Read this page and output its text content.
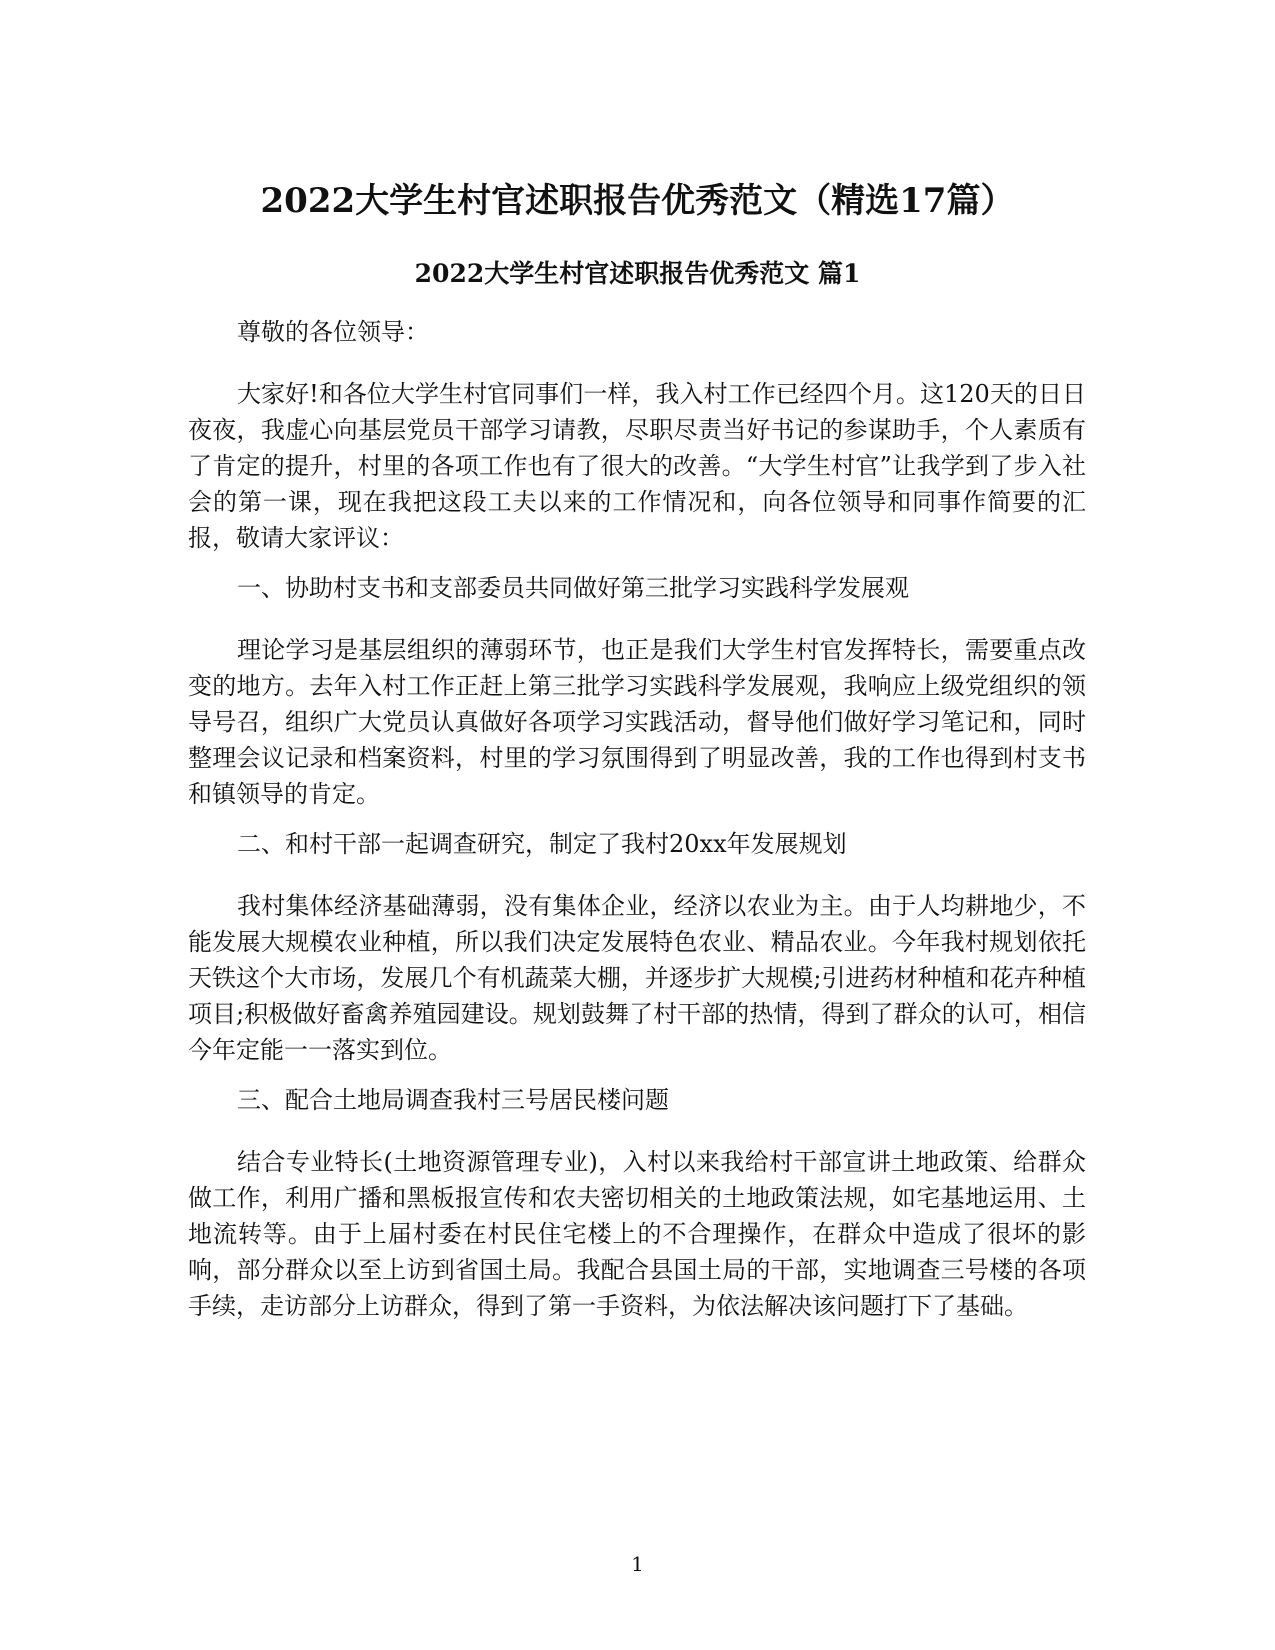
2022大学生村官述职报告优秀范文（精选17篇）
2022大学生村官述职报告优秀范文 篇1

尊敬的各位领导：

大家好!和各位大学生村官同事们一样，我入村工作已经四个月。这120天的日日夜夜，我虚心向基层党员干部学习请教，尽职尽责当好书记的参谋助手，个人素质有了肯定的提升，村里的各项工作也有了很大的改善。“大学生村官”让我学到了步入社会的第一课，现在我把这段工夫以来的工作情况和，向各位领导和同事作简要的汇报，敬请大家评议：

一、协助村支书和支部委员共同做好第三批学习实践科学发展观

理论学习是基层组织的薄弱环节，也正是我们大学生村官发挥特长，需要重点改变的地方。去年入村工作正赶上第三批学习实践科学发展观，我响应上级党组织的领导号召，组织广大党员认真做好各项学习实践活动，督导他们做好学习笔记和，同时整理会议记录和档案资料，村里的学习氛围得到了明显改善，我的工作也得到村支书和镇领导的肯定。

二、和村干部一起调查研究，制定了我村20xx年发展规划

我村集体经济基础薄弱，没有集体企业，经济以农业为主。由于人均耕地少，不能发展大规模农业种植，所以我们决定发展特色农业、精品农业。今年我村规划依托天铁这个大市场，发展几个有机蔬菜大棚，并逐步扩大规模;引进药材种植和花卉种植项目;积极做好畜禽养殖园建设。规划鼓舞了村干部的热情，得到了群众的认可，相信今年定能一一落实到位。

三、配合土地局调查我村三号居民楼问题

结合专业特长(土地资源管理专业)，入村以来我给村干部宣讲土地政策、给群众做工作，利用广播和黑板报宣传和农夫密切相关的土地政策法规，如宅基地运用、土地流转等。由于上届村委在村民住宅楼上的不合理操作，在群众中造成了很坏的影响，部分群众以至上访到省国土局。我配合县国土局的干部，实地调查三号楼的各项手续，走访部分上访群众，得到了第一手资料，为依法解决该问题打下了基础。

1
